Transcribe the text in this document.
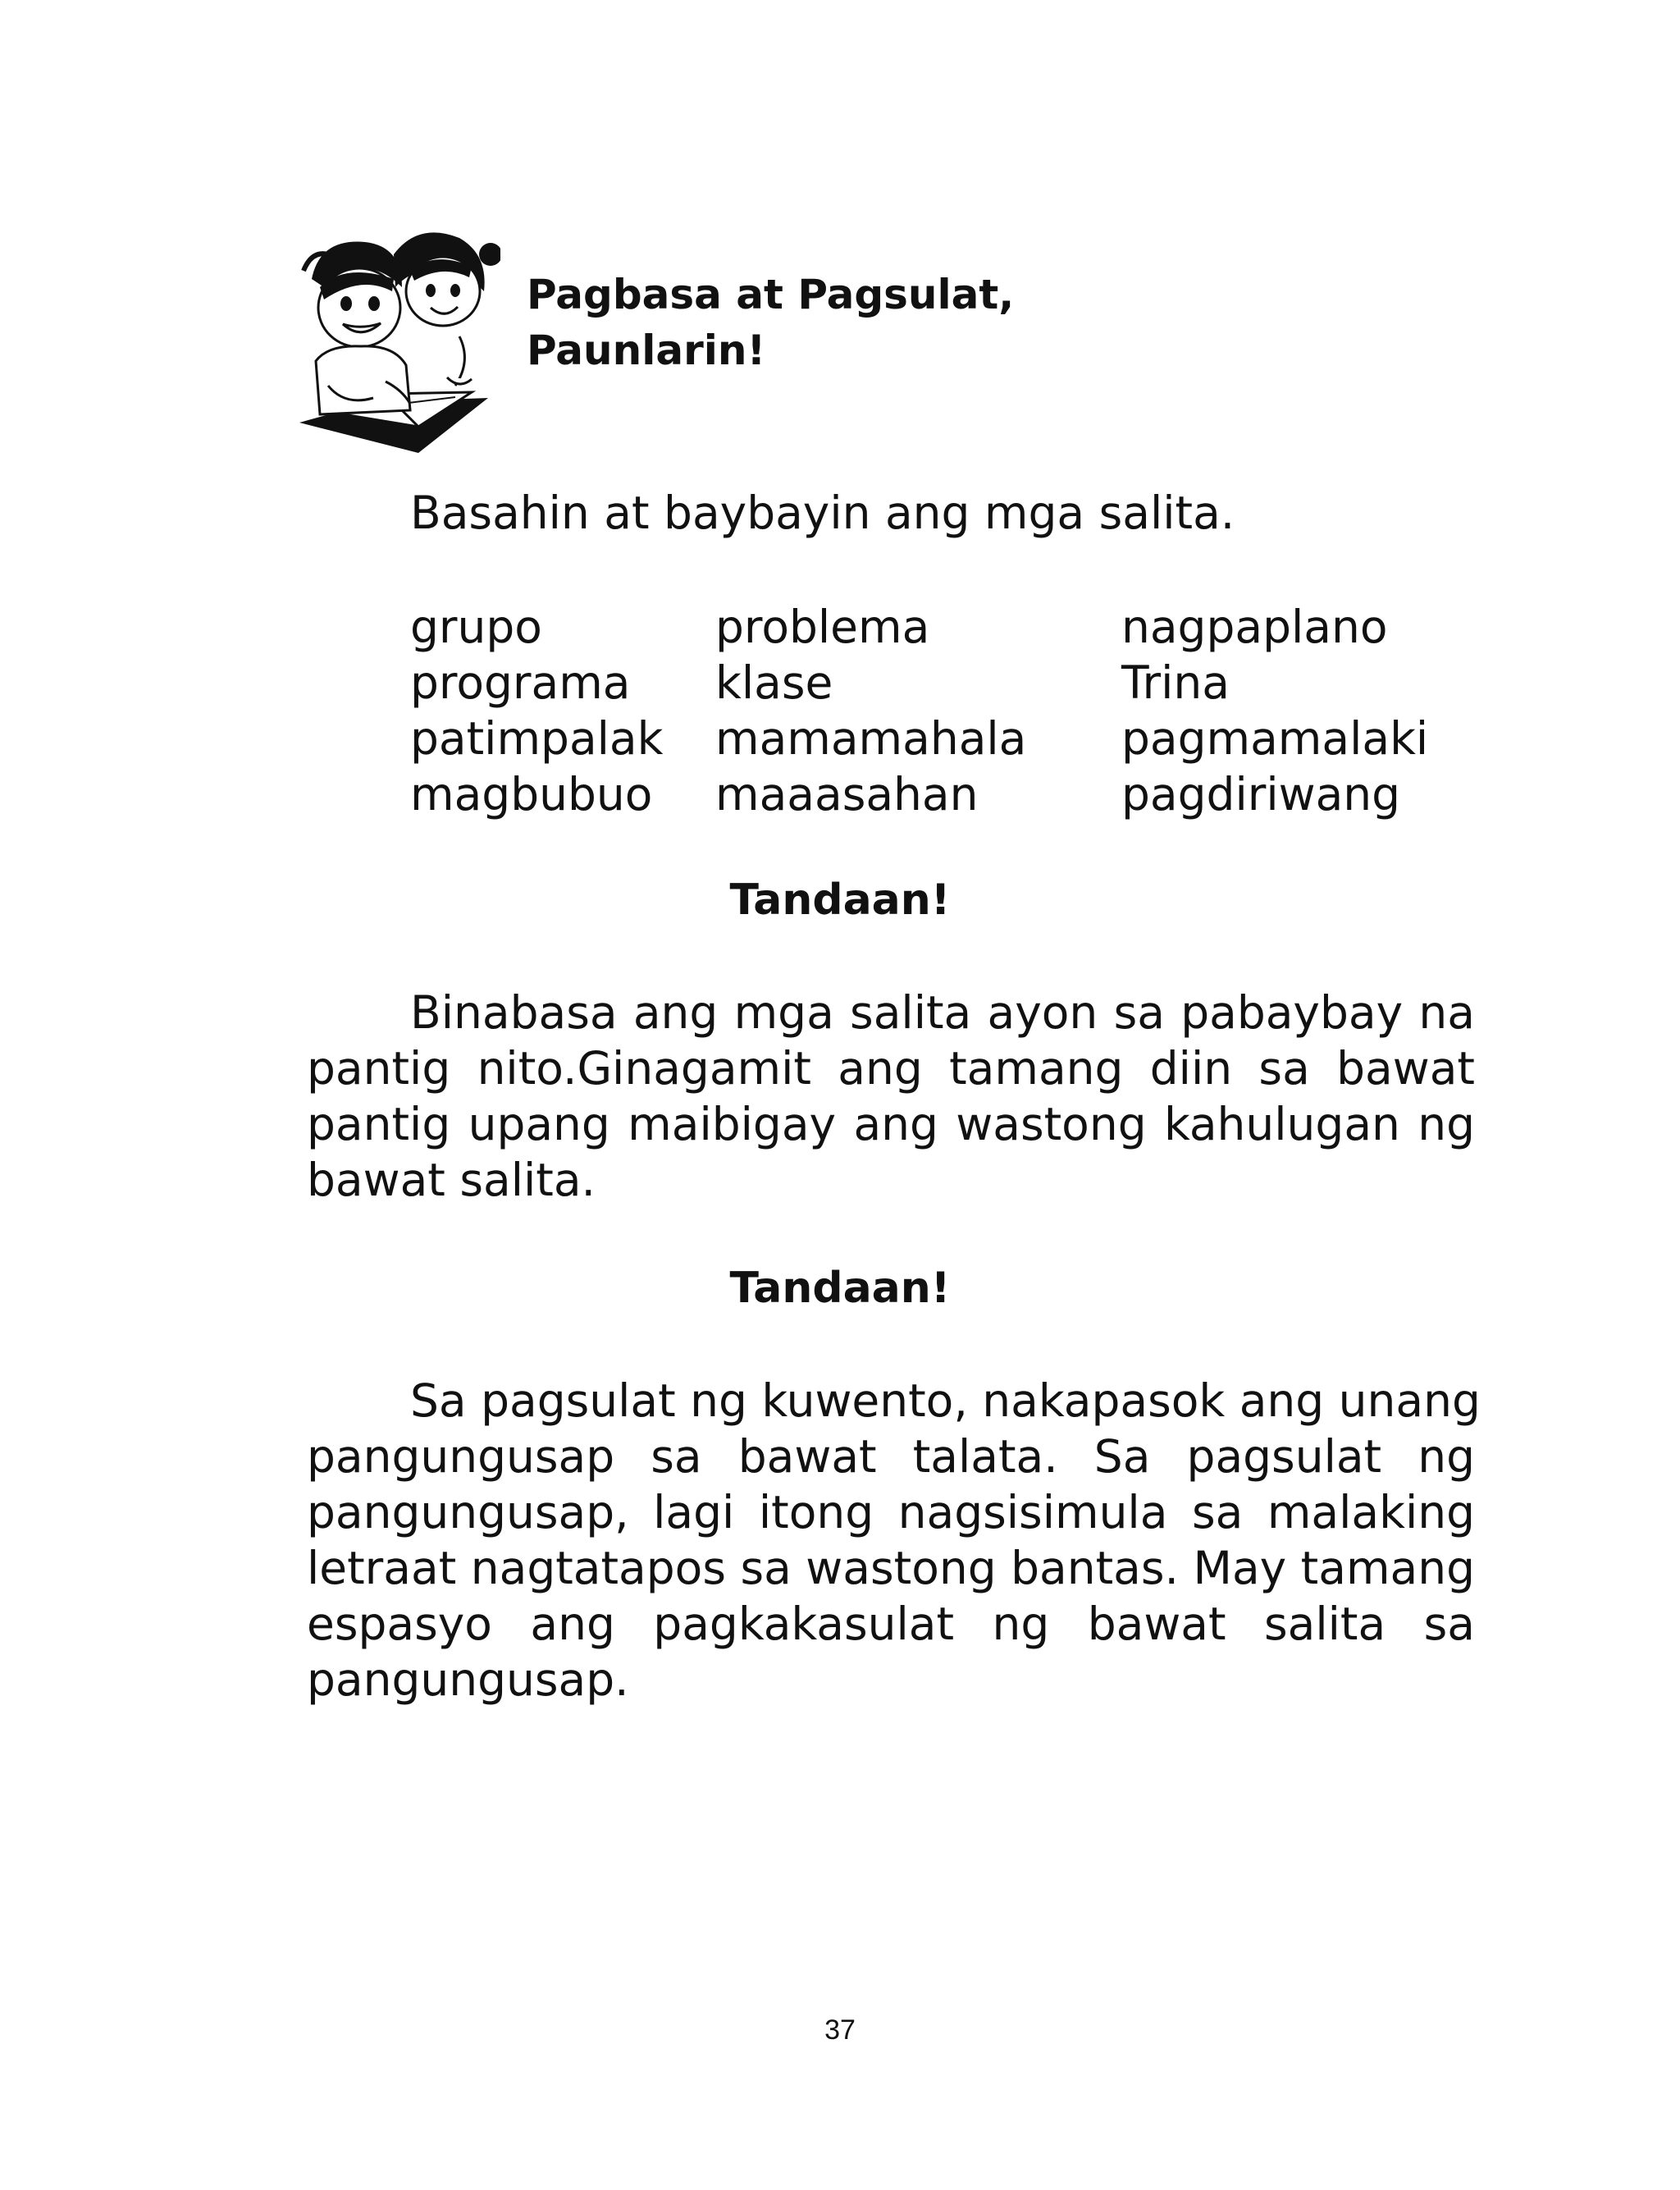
Pagbasa at Pagsulat,
Paunlarin!
Basahin at baybayin ang mga salita.
grupo	problema	nagpaplano
programa	klase	Trina
patimpalak	mamamahala	pagmamalaki
magbubuo	maaasahan	pagdiriwang
Tandaan!
Binabasa ang mga salita ayon sa pabaybay na
pantig nito.Ginagamit ang tamang diin sa bawat
pantig upang maibigay ang wastong kahulugan ng
bawat salita.
Tandaan!
Sa pagsulat ng kuwento, nakapasok ang unang
pangungusap sa bawat talata. Sa pagsulat ng
pangungusap, lagi itong nagsisimula sa malaking
letraat nagtatapos sa wastong bantas. May tamang
espasyo ang pagkakasulat ng bawat salita sa
pangungusap.
37
